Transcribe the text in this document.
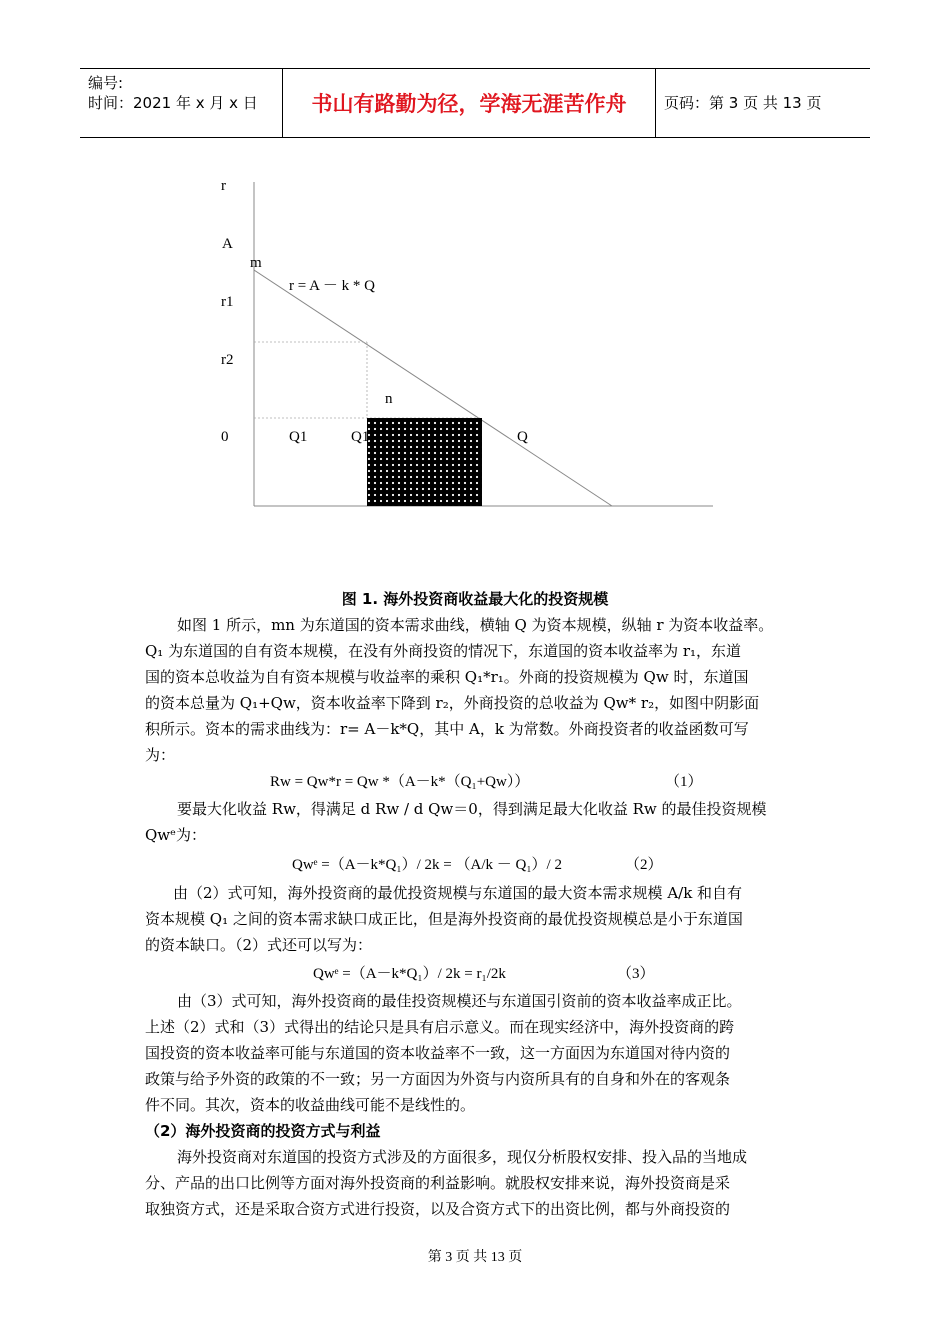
编号:
时间：2021 年 x 月 x 日	书山有路勤为径，学海无涯苦作舟	页码：第 3 页 共 13 页
r
A
m
r = A － k * Q
r1
r2
n
0	Q1	Q1	Q
图 1. 海外投资商收益最大化的投资规模
如图 1 所示，mn 为东道国的资本需求曲线，横轴 Q 为资本规模，纵轴 r 为资本收益率。
Q₁ 为东道国的自有资本规模，在没有外商投资的情况下，东道国的资本收益率为 r₁，东道
国的资本总收益为自有资本规模与收益率的乘积 Q₁*r₁。外商的投资规模为 Qw 时，东道国
的资本总量为 Q₁+Qw，资本收益率下降到 r₂，外商投资的总收益为 Qw* r₂，如图中阴影面
积所示。资本的需求曲线为：r= A－k*Q，其中 A，k 为常数。外商投资者的收益函数可写
为：
Rw = Qw*r = Qw *（A－k*（Q₁+Qw））	（1）
要最大化收益 Rw，得满足 d Rw / d Qw＝0，得到满足最大化收益 Rw 的最佳投资规模
Qwᵉ为：
Qwᵉ =（A－k*Q₁）/ 2k = （A/k － Q₁）/ 2	（2）
由（2）式可知，海外投资商的最优投资规模与东道国的最大资本需求规模 A/k 和自有
资本规模 Q₁ 之间的资本需求缺口成正比，但是海外投资商的最优投资规模总是小于东道国
的资本缺口。（2）式还可以写为：
Qwᵉ =（A－k*Q₁）/ 2k = r₁/2k	（3）
由（3）式可知，海外投资商的最佳投资规模还与东道国引资前的资本收益率成正比。
上述（2）式和（3）式得出的结论只是具有启示意义。而在现实经济中，海外投资商的跨
国投资的资本收益率可能与东道国的资本收益率不一致，这一方面因为东道国对待内资的
政策与给予外资的政策的不一致；另一方面因为外资与内资所具有的自身和外在的客观条
件不同。其次，资本的收益曲线可能不是线性的。
（2）海外投资商的投资方式与利益
海外投资商对东道国的投资方式涉及的方面很多，现仅分析股权安排、投入品的当地成
分、产品的出口比例等方面对海外投资商的利益影响。就股权安排来说，海外投资商是采
取独资方式，还是采取合资方式进行投资，以及合资方式下的出资比例，都与外商投资的
第 3 页 共 13 页
